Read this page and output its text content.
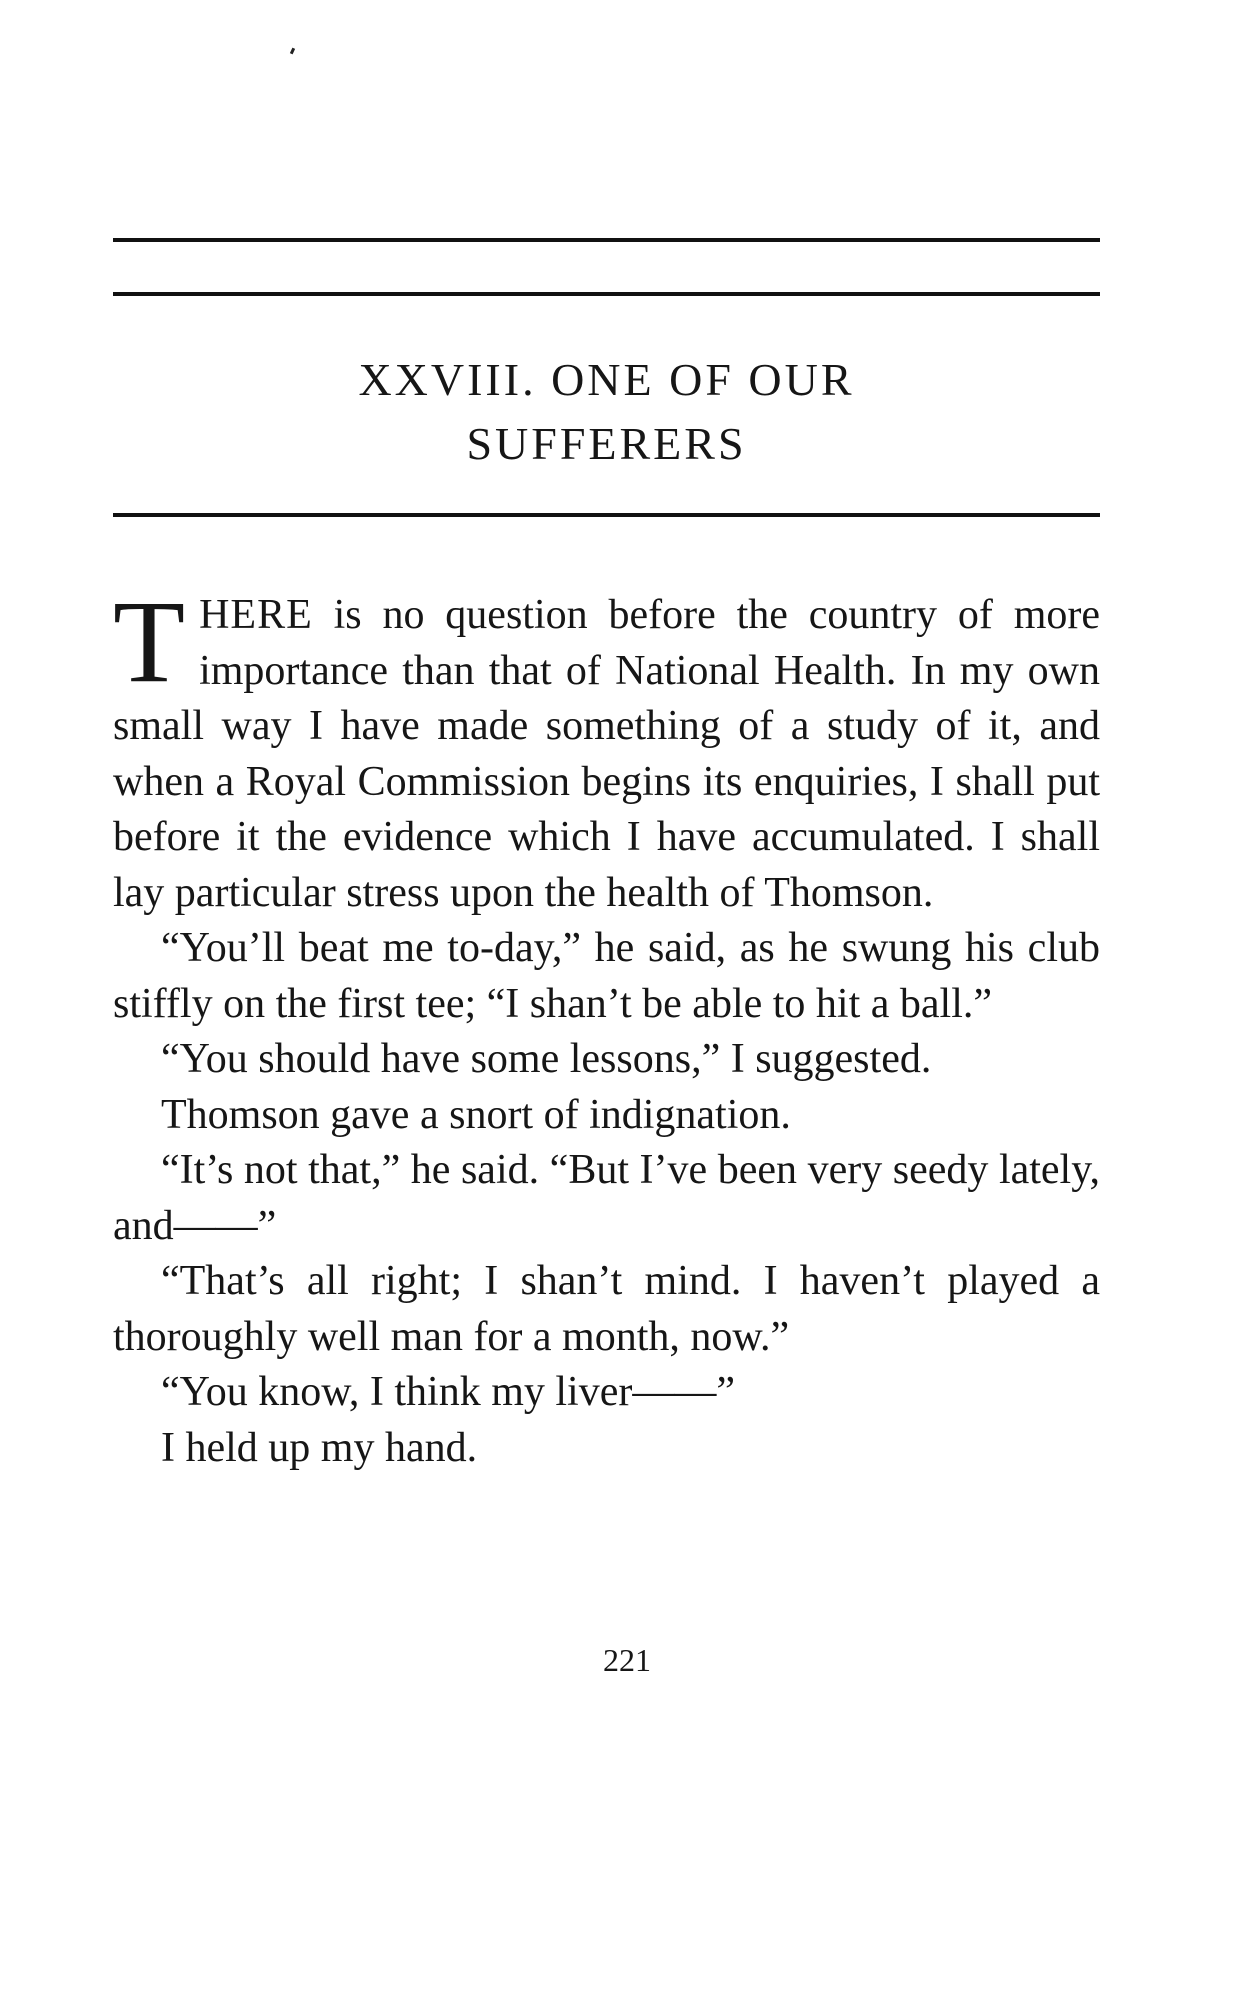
XXVIII. ONE OF OUR
SUFFERERS

THERE is no question before the country of more importance than that of National Health. In my own small way I have made something of a study of it, and when a Royal Commission begins its enquiries, I shall put before it the evidence which I have accumulated. I shall lay particular stress upon the health of Thomson.

“You’ll beat me to-day,” he said, as he swung his club stiffly on the first tee; “I shan’t be able to hit a ball.”

“You should have some lessons,” I suggested.

Thomson gave a snort of indignation.

“It’s not that,” he said. “But I’ve been very seedy lately, and——”

“That’s all right; I shan’t mind. I haven’t played a thoroughly well man for a month, now.”

“You know, I think my liver——”

I held up my hand.

221
